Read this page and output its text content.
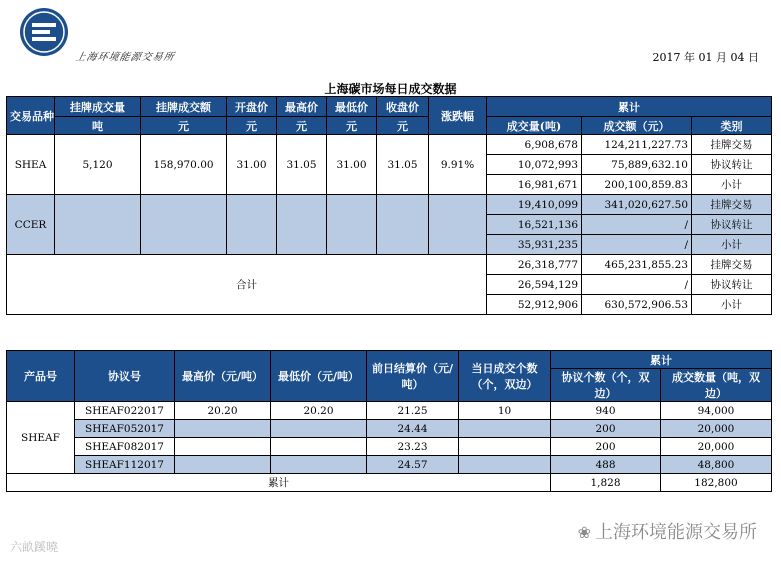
上海环境能源交易所	2017 年 01 月 04 日
上海碳市场每日成交数据
交易品种	挂牌成交量	挂牌成交额	开盘价	最高价	最低价	收盘价	涨跌幅	累计		
	吨	元	元	元	元	元		成交量(吨)	成交额（元）	类别
SHEA	5,120	158,970.00	31.00	31.05	31.00	31.05	9.91%	6,908,678	124,211,227.73	挂牌交易
								10,072,993	75,889,632.10	协议转让
								16,981,671	200,100,859.83	小计
CCER								19,410,099	341,020,627.50	挂牌交易
								16,521,136	/	协议转让
								35,931,235	/	小计
合计								26,318,777	465,231,855.23	挂牌交易
								26,594,129	/	协议转让
								52,912,906	630,572,906.53	小计
产品号	协议号	最高价（元/吨）	最低价（元/吨）	前日结算价（元/吨）	当日成交个数（个，双边）	累计	
						协议个数（个，双边）	成交数量（吨，双边）
SHEAF	SHEAF022017	20.20	20.20	21.25	10	940	94,000
	SHEAF052017			24.44		200	20,000
	SHEAF082017			23.23		200	20,000
	SHEAF112017			24.57		488	48,800
累计						1,828	182,800
六畝蹊曉
❀ 上海环境能源交易所
